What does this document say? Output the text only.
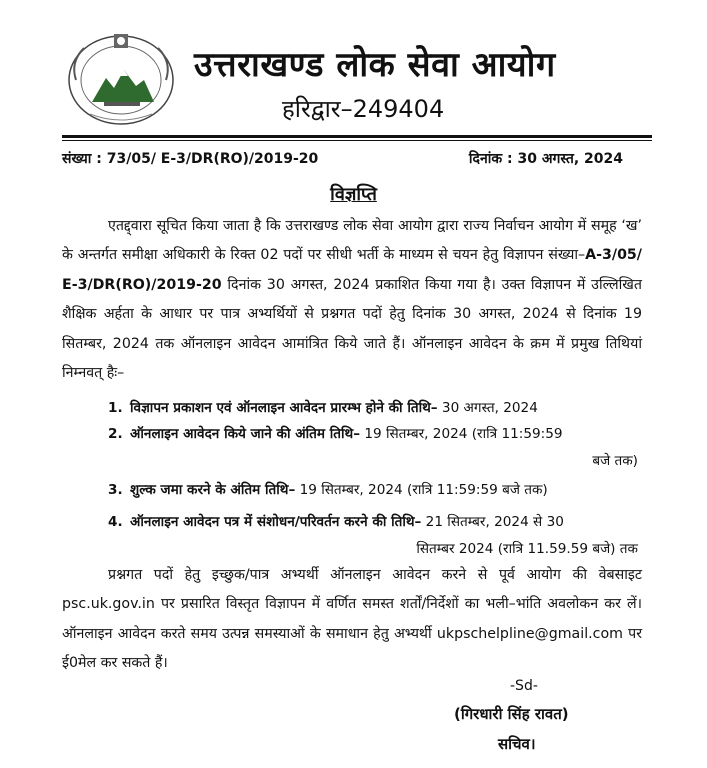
उत्तराखण्ड लोक सेवा आयोग
हरिद्वार–249404
संख्या : 73/05/ E-3/DR(RO)/2019-20	दिनांक : 30 अगस्त, 2024
विज्ञप्ति
एतद्द्वारा सूचित किया जाता है कि उत्तराखण्ड लोक सेवा आयोग द्वारा राज्य निर्वाचन आयोग में समूह ‘ख’ के अन्तर्गत समीक्षा अधिकारी के रिक्त 02 पदों पर सीधी भर्ती के माध्यम से चयन हेतु विज्ञापन संख्या–A-3/05/ E-3/DR(RO)/2019-20 दिनांक 30 अगस्त, 2024 प्रकाशित किया गया है। उक्त विज्ञापन में उल्लिखित शैक्षिक अर्हता के आधार पर पात्र अभ्यर्थियों से प्रश्नगत पदों हेतु दिनांक 30 अगस्त, 2024 से दिनांक 19 सितम्बर, 2024 तक ऑनलाइन आवेदन आमांत्रित किये जाते हैं। ऑनलाइन आवेदन के क्रम में प्रमुख तिथियां निम्नवत् हैः–
1. विज्ञापन प्रकाशन एवं ऑनलाइन आवेदन प्रारम्भ होने की तिथि– 30 अगस्त, 2024
2. ऑनलाइन आवेदन किये जाने की अंतिम तिथि– 19 सितम्बर, 2024 (रात्रि 11:59:59
बजे तक)
3. शुल्क जमा करने के अंतिम तिथि– 19 सितम्बर, 2024 (रात्रि 11:59:59 बजे तक)
4. ऑनलाइन आवेदन पत्र में संशोधन/परिवर्तन करने की तिथि– 21 सितम्बर, 2024 से 30
सितम्बर 2024 (रात्रि 11.59.59 बजे) तक
प्रश्नगत पदों हेतु इच्छुक/पात्र अभ्यर्थी ऑनलाइन आवेदन करने से पूर्व आयोग की वेबसाइट psc.uk.gov.in पर प्रसारित विस्तृत विज्ञापन में वर्णित समस्त शर्तों/निर्देशों का भली–भांति अवलोकन कर लें। ऑनलाइन आवेदन करते समय उत्पन्न समस्याओं के समाधान हेतु अभ्यर्थी ukpschelpline@gmail.com पर ई0मेल कर सकते हैं।
-Sd-
(गिरधारी सिंह रावत)
सचिव।
